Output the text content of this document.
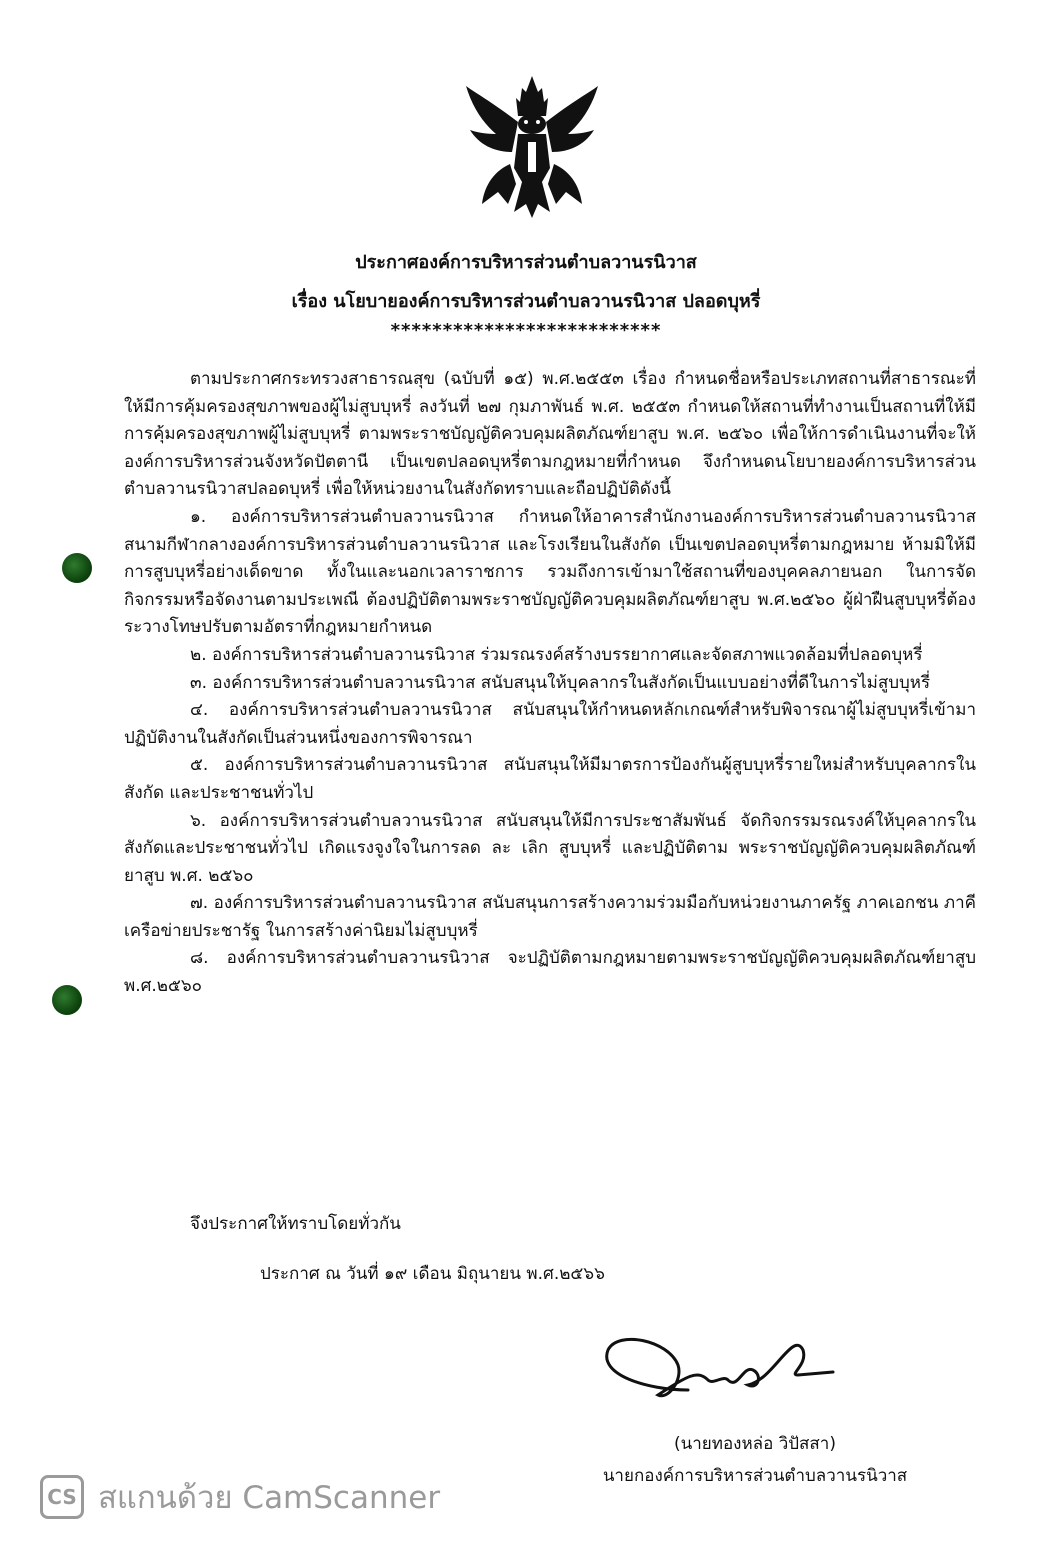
ประกาศองค์การบริหารส่วนตำบลวานรนิวาส
เรื่อง นโยบายองค์การบริหารส่วนตำบลวานรนิวาส ปลอดบุหรี่
**************************

ตามประกาศกระทรวงสาธารณสุข (ฉบับที่ ๑๕) พ.ศ.๒๕๕๓ เรื่อง กำหนดชื่อหรือประเภทสถานที่สาธารณะที่ให้มีการคุ้มครองสุขภาพของผู้ไม่สูบบุหรี่ ลงวันที่ ๒๗ กุมภาพันธ์ พ.ศ. ๒๕๕๓ กำหนดให้สถานที่ทำงานเป็นสถานที่ให้มีการคุ้มครองสุขภาพผู้ไม่สูบบุหรี่ ตามพระราชบัญญัติควบคุมผลิตภัณฑ์ยาสูบ พ.ศ. ๒๕๖๐ เพื่อให้การดำเนินงานที่จะให้องค์การบริหารส่วนจังหวัดปัตตานี เป็นเขตปลอดบุหรี่ตามกฎหมายที่กำหนด จึงกำหนดนโยบายองค์การบริหารส่วนตำบลวานรนิวาสปลอดบุหรี่ เพื่อให้หน่วยงานในสังกัดทราบและถือปฏิบัติดังนี้

๑. องค์การบริหารส่วนตำบลวานรนิวาส กำหนดให้อาคารสำนักงานองค์การบริหารส่วนตำบลวานรนิวาส สนามกีฬากลางองค์การบริหารส่วนตำบลวานรนิวาส และโรงเรียนในสังกัด เป็นเขตปลอดบุหรี่ตามกฎหมาย ห้ามมิให้มีการสูบบุหรี่อย่างเด็ดขาด ทั้งในและนอกเวลาราชการ รวมถึงการเข้ามาใช้สถานที่ของบุคคลภายนอก ในการจัดกิจกรรมหรือจัดงานตามประเพณี ต้องปฏิบัติตามพระราชบัญญัติควบคุมผลิตภัณฑ์ยาสูบ พ.ศ.๒๕๖๐ ผู้ฝ่าฝืนสูบบุหรี่ต้องระวางโทษปรับตามอัตราที่กฎหมายกำหนด

๒. องค์การบริหารส่วนตำบลวานรนิวาส ร่วมรณรงค์สร้างบรรยากาศและจัดสภาพแวดล้อมที่ปลอดบุหรี่

๓. องค์การบริหารส่วนตำบลวานรนิวาส สนับสนุนให้บุคลากรในสังกัดเป็นแบบอย่างที่ดีในการไม่สูบบุหรี่

๔. องค์การบริหารส่วนตำบลวานรนิวาส สนับสนุนให้กำหนดหลักเกณฑ์สำหรับพิจารณาผู้ไม่สูบบุหรี่เข้ามาปฏิบัติงานในสังกัดเป็นส่วนหนึ่งของการพิจารณา

๕. องค์การบริหารส่วนตำบลวานรนิวาส สนับสนุนให้มีมาตรการป้องกันผู้สูบบุหรี่รายใหม่สำหรับบุคลากรในสังกัด และประชาชนทั่วไป

๖. องค์การบริหารส่วนตำบลวานรนิวาส สนับสนุนให้มีการประชาสัมพันธ์ จัดกิจกรรมรณรงค์ให้บุคลากรในสังกัดและประชาชนทั่วไป เกิดแรงจูงใจในการลด ละ เลิก สูบบุหรี่ และปฏิบัติตาม พระราชบัญญัติควบคุมผลิตภัณฑ์ยาสูบ พ.ศ. ๒๕๖๐

๗. องค์การบริหารส่วนตำบลวานรนิวาส สนับสนุนการสร้างความร่วมมือกับหน่วยงานภาครัฐ ภาคเอกชน ภาคีเครือข่ายประชารัฐ ในการสร้างค่านิยมไม่สูบบุหรี่

๘. องค์การบริหารส่วนตำบลวานรนิวาส จะปฏิบัติตามกฎหมายตามพระราชบัญญัติควบคุมผลิตภัณฑ์ยาสูบ พ.ศ.๒๕๖๐

จึงประกาศให้ทราบโดยทั่วกัน
ประกาศ ณ วันที่ ๑๙ เดือน มิถุนายน พ.ศ.๒๕๖๖
(นายทองหล่อ วิปัสสา)
นายกองค์การบริหารส่วนตำบลวานรนิวาส
CS สแกนด้วย CamScanner
